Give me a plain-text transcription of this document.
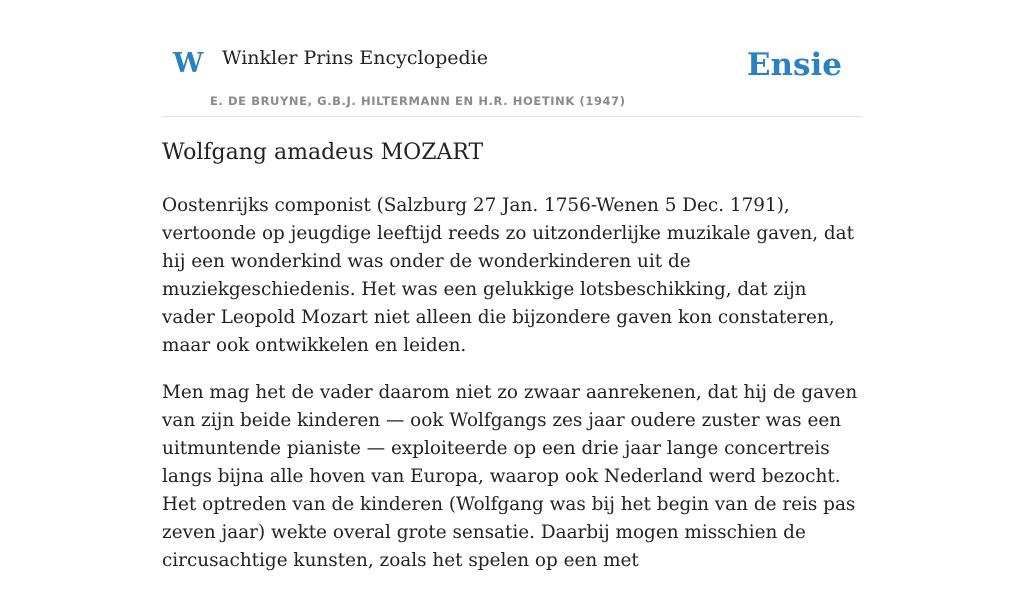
W Winkler Prins Encyclopedie
E. DE BRUYNE, G.B.J. HILTERMANN EN H.R. HOETINK (1947)
Ensie
Wolfgang amadeus MOZART

Oostenrijks componist (Salzburg 27 Jan. 1756-Wenen 5 Dec. 1791), vertoonde op jeugdige leeftijd reeds zo uitzonderlijke muzikale gaven, dat hij een wonderkind was onder de wonderkinderen uit de muziekgeschiedenis. Het was een gelukkige lotsbeschikking, dat zijn vader Leopold Mozart niet alleen die bijzondere gaven kon constateren, maar ook ontwikkelen en leiden.

Men mag het de vader daarom niet zo zwaar aanrekenen, dat hij de gaven van zijn beide kinderen — ook Wolfgangs zes jaar oudere zuster was een uitmuntende pianiste — exploiteerde op een drie jaar lange concertreis langs bijna alle hoven van Europa, waarop ook Nederland werd bezocht. Het optreden van de kinderen (Wolfgang was bij het begin van de reis pas zeven jaar) wekte overal grote sensatie. Daarbij mogen misschien de circusachtige kunsten, zoals het spelen op een met
